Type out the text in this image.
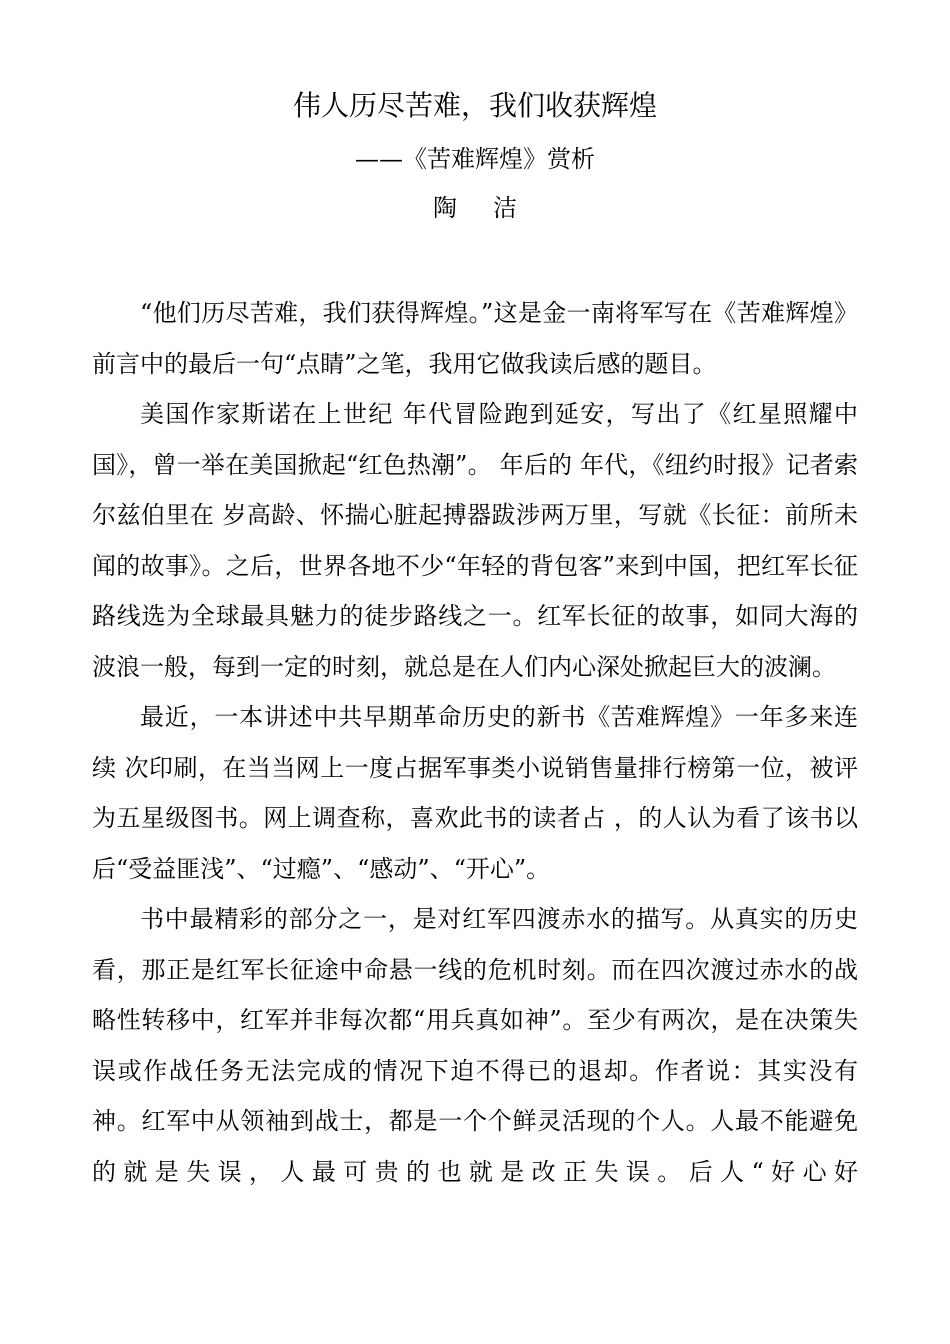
伟人历尽苦难，我们收获辉煌
——《苦难辉煌》赏析
陶洁

“他们历尽苦难，我们获得辉煌。”这是金一南将军写在《苦难辉煌》前言中的最后一句“点睛”之笔，我用它做我读后感的题目。

美国作家斯诺在上世纪 年代冒险跑到延安，写出了《红星照耀中国》，曾一举在美国掀起“红色热潮”。 年后的 年代，《纽约时报》记者索尔兹伯里在 岁高龄、怀揣心脏起搏器跋涉两万里，写就《长征：前所未闻的故事》。之后，世界各地不少“年轻的背包客”来到中国，把红军长征路线选为全球最具魅力的徒步路线之一。红军长征的故事，如同大海的波浪一般，每到一定的时刻，就总是在人们内心深处掀起巨大的波澜。

最近，一本讲述中共早期革命历史的新书《苦难辉煌》一年多来连续 次印刷，在当当网上一度占据军事类小说销售量排行榜第一位，被评为五星级图书。网上调查称，喜欢此书的读者占 ，的人认为看了该书以后“受益匪浅”、“过瘾”、“感动”、“开心”。

书中最精彩的部分之一，是对红军四渡赤水的描写。从真实的历史看，那正是红军长征途中命悬一线的危机时刻。而在四次渡过赤水的战略性转移中，红军并非每次都“用兵真如神”。至少有两次，是在决策失误或作战任务无法完成的情况下迫不得已的退却。作者说：其实没有神。红军中从领袖到战士，都是一个个鲜灵活现的个人。人最不能避免的就是失误，人最可贵的也就是改正失误。后人“好心好
